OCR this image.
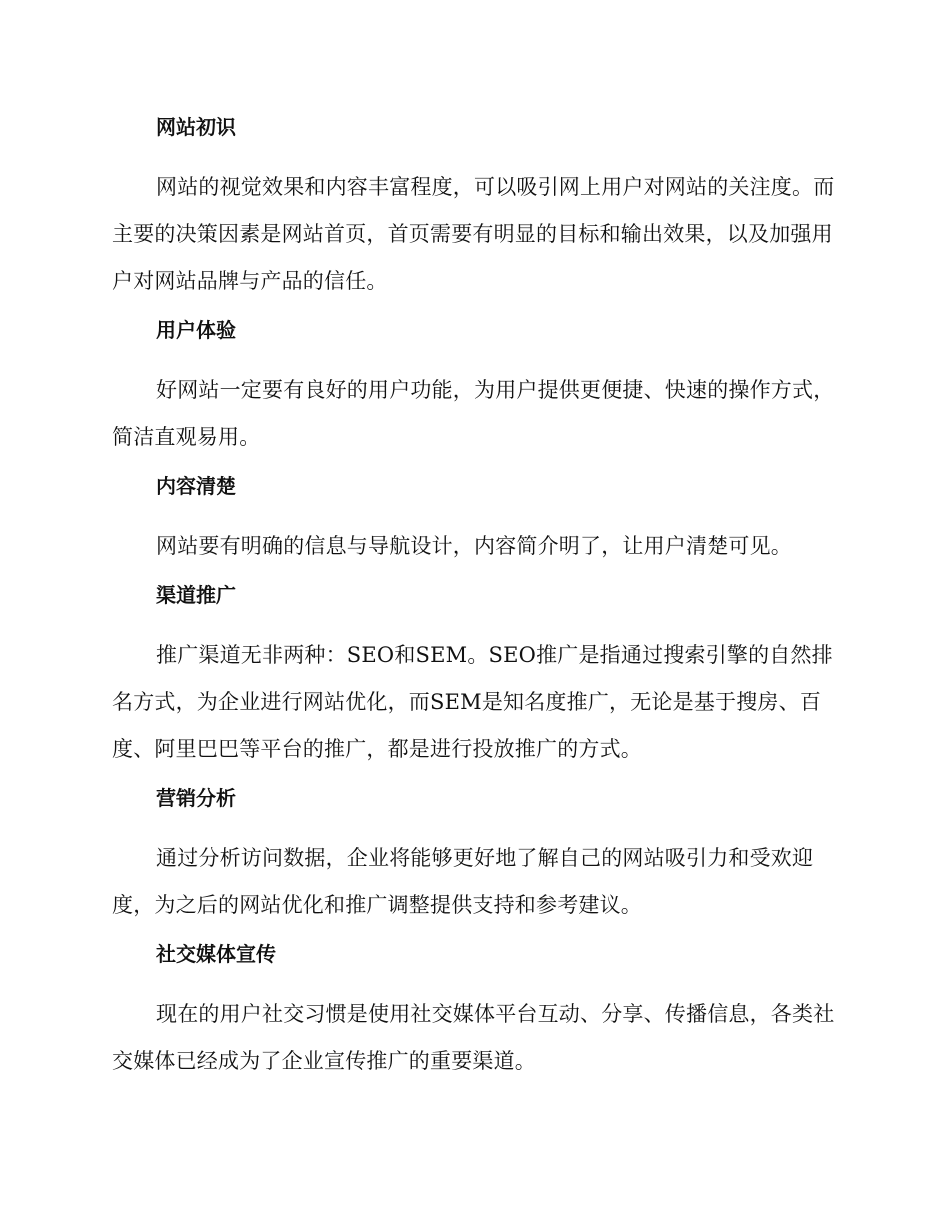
网站初识

网站的视觉效果和内容丰富程度，可以吸引网上用户对网站的关注度。而主要的决策因素是网站首页，首页需要有明显的目标和输出效果，以及加强用户对网站品牌与产品的信任。

用户体验

好网站一定要有良好的用户功能，为用户提供更便捷、快速的操作方式，简洁直观易用。

内容清楚

网站要有明确的信息与导航设计，内容简介明了，让用户清楚可见。

渠道推广

推广渠道无非两种：SEO和SEM。SEO推广是指通过搜索引擎的自然排名方式，为企业进行网站优化，而SEM是知名度推广，无论是基于搜房、百度、阿里巴巴等平台的推广，都是进行投放推广的方式。

营销分析

通过分析访问数据，企业将能够更好地了解自己的网站吸引力和受欢迎度，为之后的网站优化和推广调整提供支持和参考建议。

社交媒体宣传

现在的用户社交习惯是使用社交媒体平台互动、分享、传播信息，各类社交媒体已经成为了企业宣传推广的重要渠道。
